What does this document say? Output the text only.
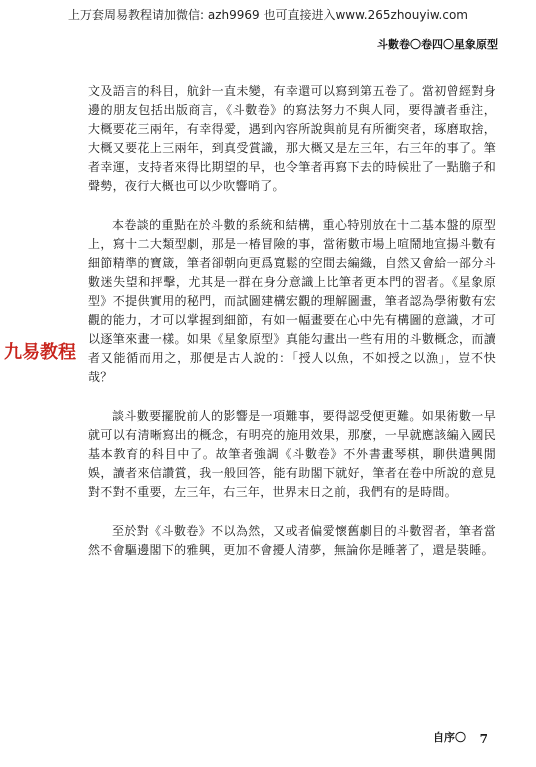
上万套周易教程请加微信: azh9969 也可直接进入www.265zhouyiw.com
斗數卷〇卷四〇星象原型
九易教程

文及語言的科目，航針一直未變，有幸還可以寫到第五卷了。當初曾經對身邊的朋友包括出版商言，《斗數卷》的寫法努力不與人同，要得讀者垂注，大概要花三兩年，有幸得愛，遇到內容所說與前見有所衝突者，琢磨取捨，大概又要花上三兩年，到真受賞識，那大概又是左三年，右三年的事了。筆者幸運，支持者來得比期望的早，也令筆者再寫下去的時候壯了一點膽子和聲勢，夜行大概也可以少吹響哨了。

本卷談的重點在於斗數的系統和結構，重心特別放在十二基本盤的原型上，寫十二大類型劇，那是一椿冒險的事，當術數市場上喧鬧地宣揚斗數有細節精準的寶箴，筆者卻朝向更爲寬鬆的空間去編織，自然又會給一部分斗數迷失望和抨擊，尤其是一群在身分意識上比筆者更本門的習者。《星象原型》不提供實用的秘門，而試圖建構宏觀的理解圖畫，筆者認為學術數有宏觀的能力，才可以掌握到細節，有如一幅畫要在心中先有構圖的意識，才可以逐筆來畫一樣。如果《星象原型》真能勾畫出一些有用的斗數概念，而讀者又能循而用之，那便是古人說的：「授人以魚，不如授之以漁」，豈不快哉？

談斗數要擺脫前人的影響是一項難事，要得認受便更難。如果術數一早就可以有清晰寫出的概念，有明亮的施用效果，那麼，一早就應該編入國民基本教育的科目中了。故筆者強調《斗數卷》不外書畫琴棋，聊供遣興閒娛，讀者來信讚賞，我一般回答，能有助閣下就好，筆者在卷中所說的意見對不對不重要，左三年，右三年，世界末日之前，我們有的是時間。

至於對《斗數卷》不以為然，又或者偏愛懷舊劇目的斗數習者，筆者當然不會驅邊閣下的雅興，更加不會擾人清夢，無論你是睡著了，還是裝睡。

自序〇 7
